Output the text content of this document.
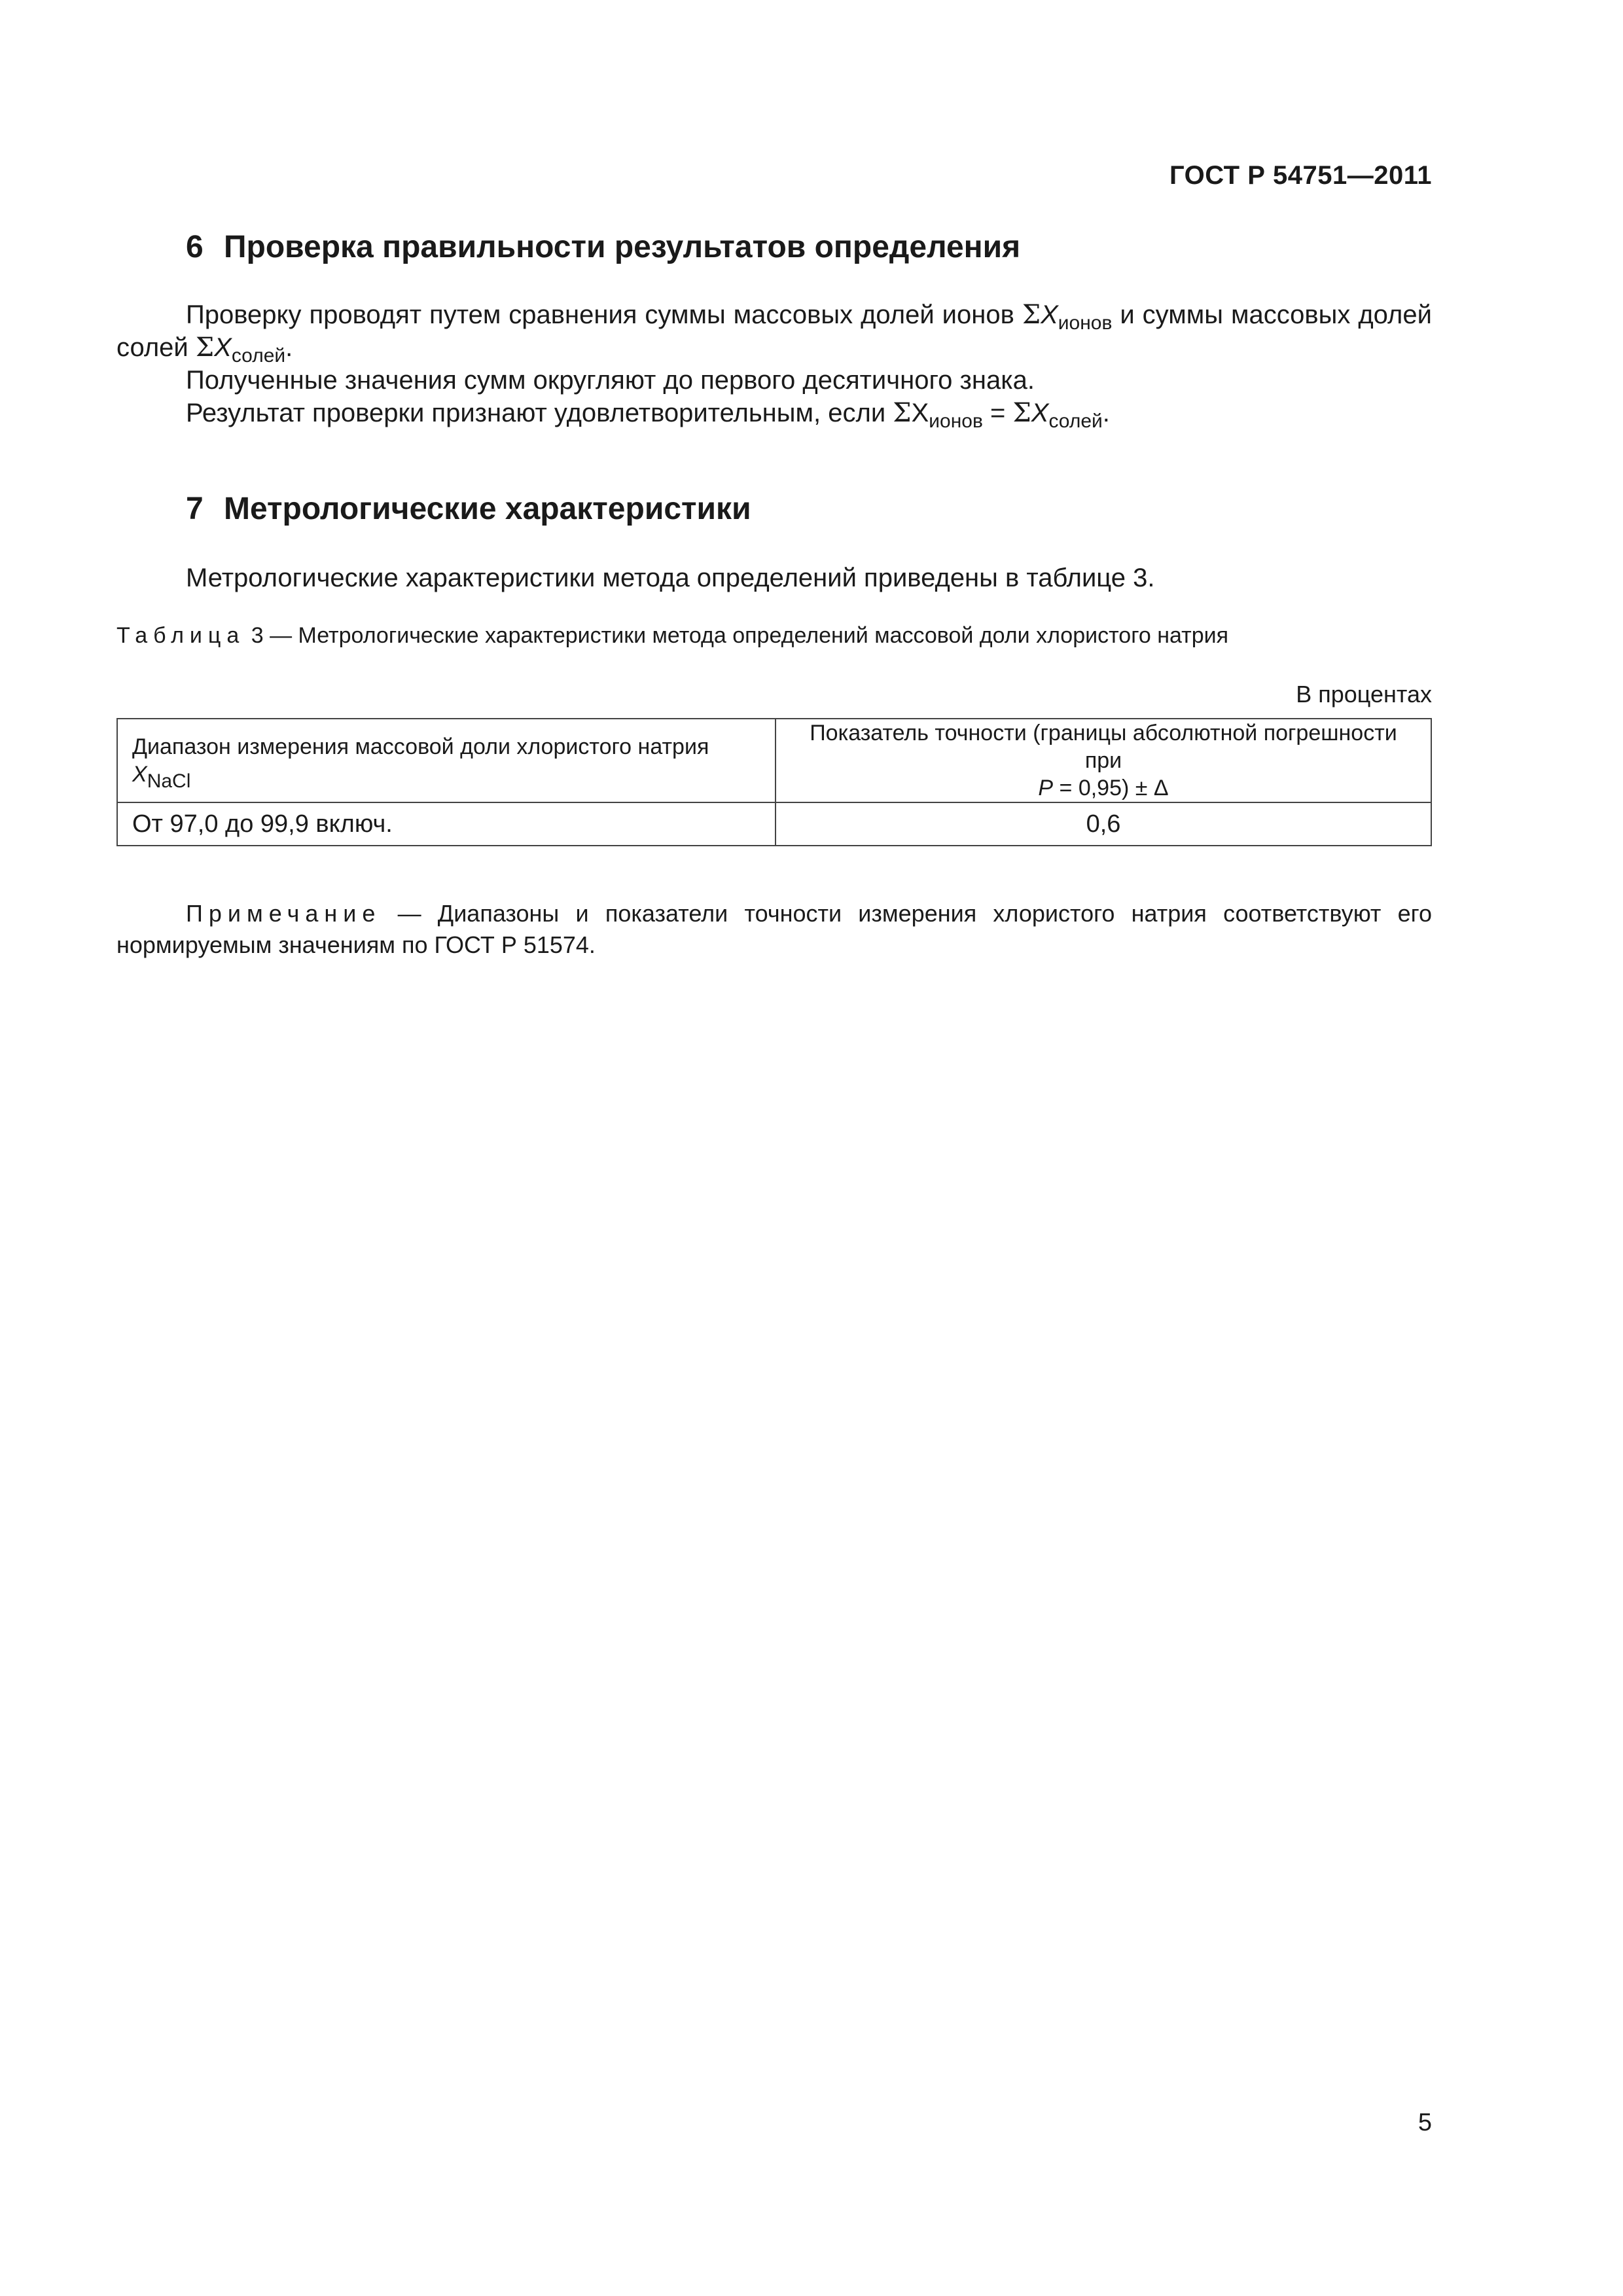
ГОСТ Р 54751—2011
6 Проверка правильности результатов определения
Проверку проводят путем сравнения суммы массовых долей ионов $\Sigma X_{ионов}$ и суммы массовых долей солей $\Sigma X_{солей}$.
Полученные значения сумм округляют до первого десятичного знака.
Результат проверки признают удовлетворительным, если $\Sigma X_{ионов} = \Sigma X_{солей}$.
7 Метрологические характеристики
Метрологические характеристики метода определений приведены в таблице 3.
Таблица 3 — Метрологические характеристики метода определений массовой доли хлористого натрия
В процентах
Диапазон измерения массовой доли хлористого натрия $X_{NaCl}$	Показатель точности (границы абсолютной погрешности при
P = 0,95) ± Δ
От 97,0 до 99,9 включ.	0,6
Примечание — Диапазоны и показатели точности измерения хлористого натрия соответствуют его нормируемым значениям по ГОСТ Р 51574.
5
